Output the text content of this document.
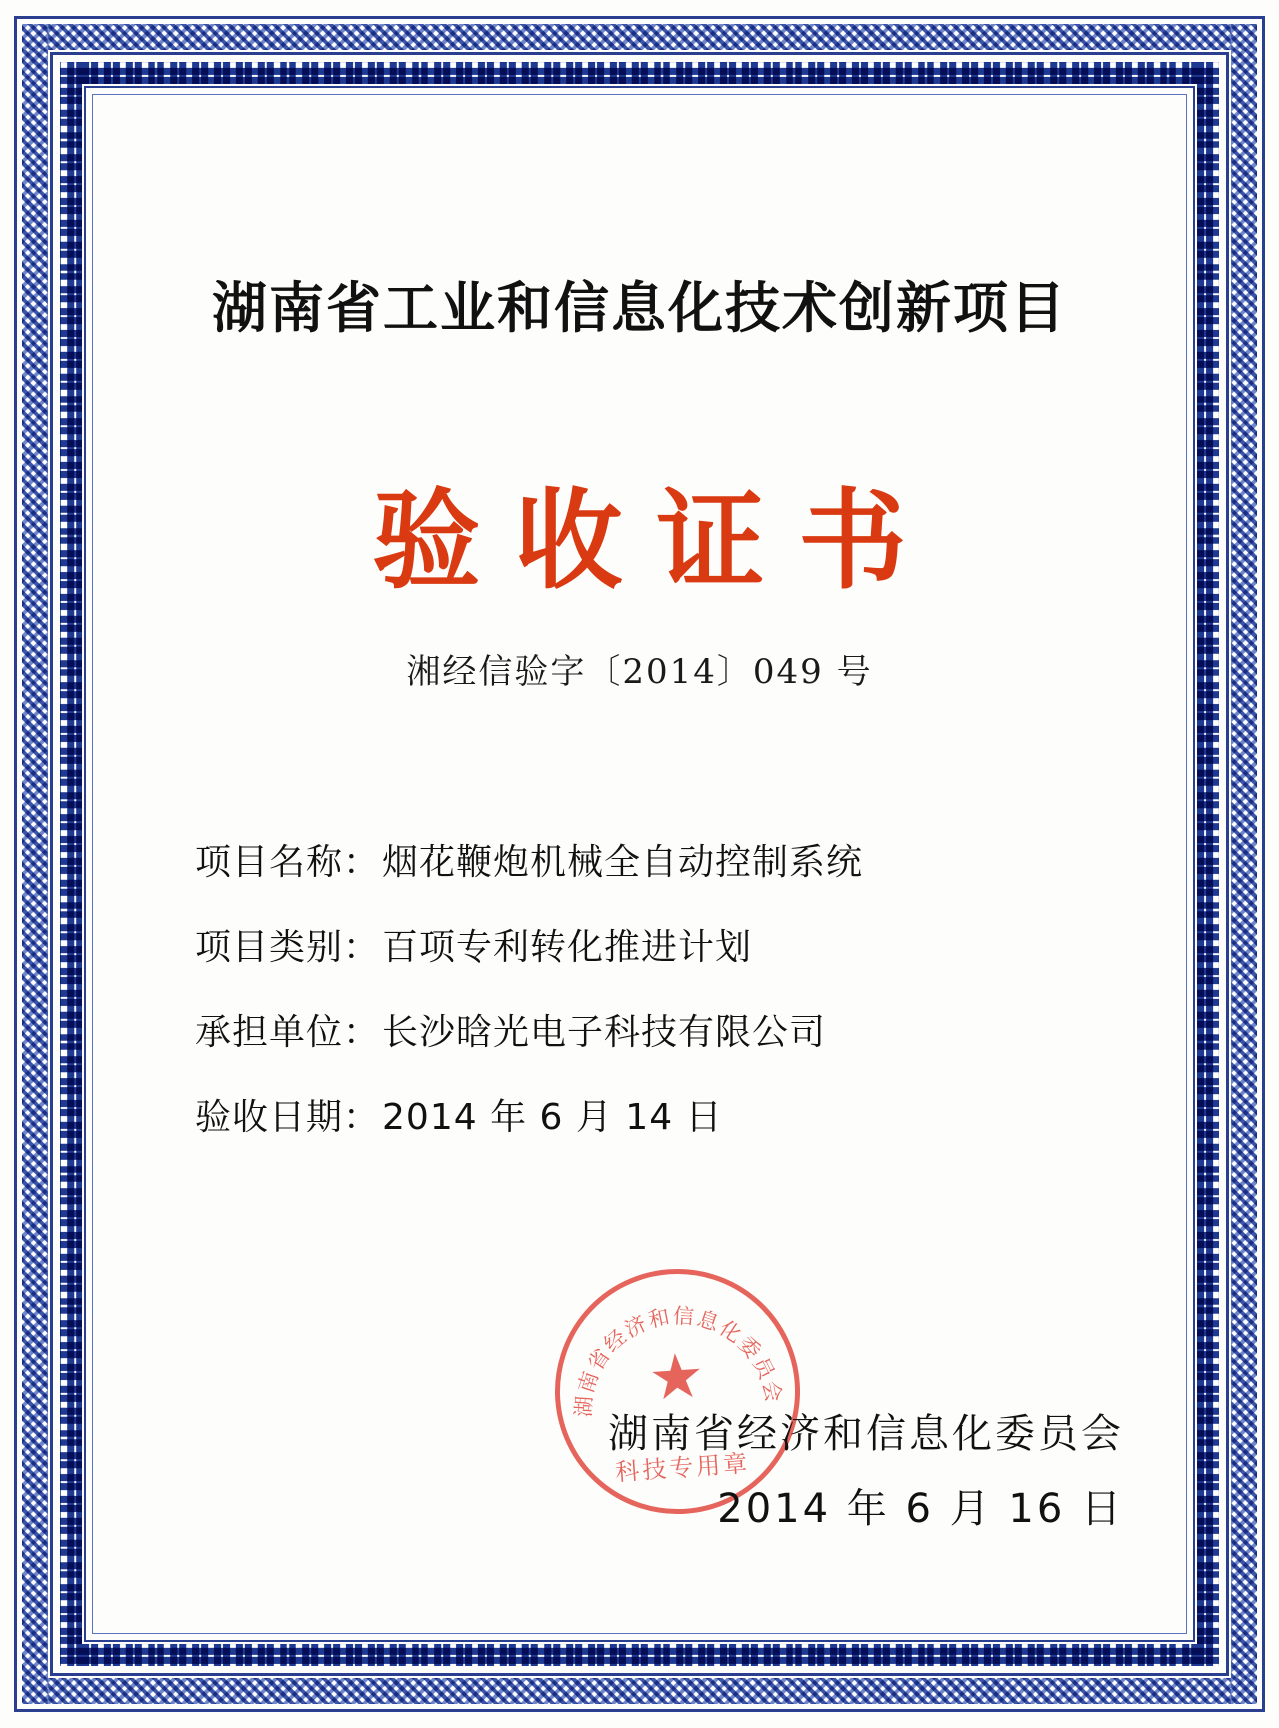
湖南省工业和信息化技术创新项目
验收证书
湘经信验字〔2014〕049 号
项目名称： 烟花鞭炮机械全自动控制系统
项目类别： 百项专利转化推进计划
承担单位： 长沙晗光电子科技有限公司
验收日期： 2014 年 6 月 14 日
湖南省经济和信息化委员会
★
科技专用章
湖南省经济和信息化委员会
2014 年 6 月 16 日
